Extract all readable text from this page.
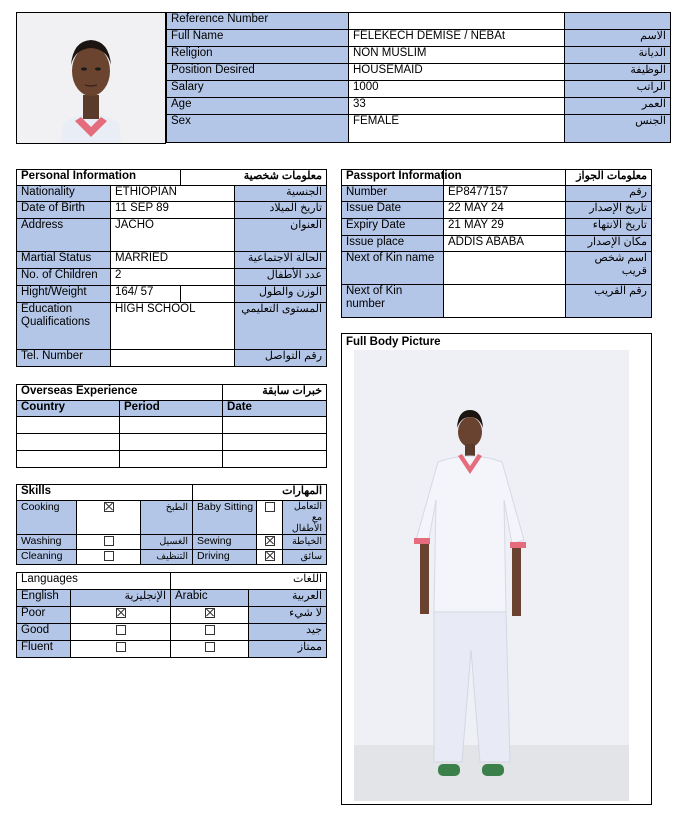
Reference Number		
Full Name	FELEKECH DEMISE / NEBAt	الاسم
Religion	NON MUSLIM	الديانة
Position Desired	HOUSEMAID	الوظيفة
Salary	1000	الراتب
Age	33	العمر
Sex	FEMALE	الجنس
Personal Information		معلومات شخصية	
Nationality	ETHIOPIAN		الجنسية
Date of Birth	11 SEP 89		تاريخ الميلاد
Address	JACHO		العنوان
Martial Status	MARRIED		الحالة الاجتماعية
No. of Children	2		عدد الأطفال
Hight/Weight	164/ 57		الوزن والطول
Education Qualifications	HIGH SCHOOL		المستوى التعليمي
Tel. Number			رقم التواصل
Passport Information		معلومات الجواز
Number	EP8477157	رقم
Issue Date	22 MAY 24	تاريخ الإصدار
Expiry Date	21 MAY 29	تاريخ الانتهاء
Issue place	ADDIS ABABA	مكان الإصدار
Next of Kin name		اسم شخص قريب
Next of Kin number		رقم القريب
Full Body Picture
Overseas Experience		خبرات سابقة
Country	Period	Date

Skills			المهارات		
Cooking		الطبخ	Baby Sitting		التعامل مع الأطفال
Washing		الغسيل	Sewing		الخياطة
Cleaning		التنظيف	Driving		سائق
Languages		اللغات	
English	الإنجليزية	Arabic	العربية
Poor			لا شيء
Good			جيد
Fluent			ممتاز
